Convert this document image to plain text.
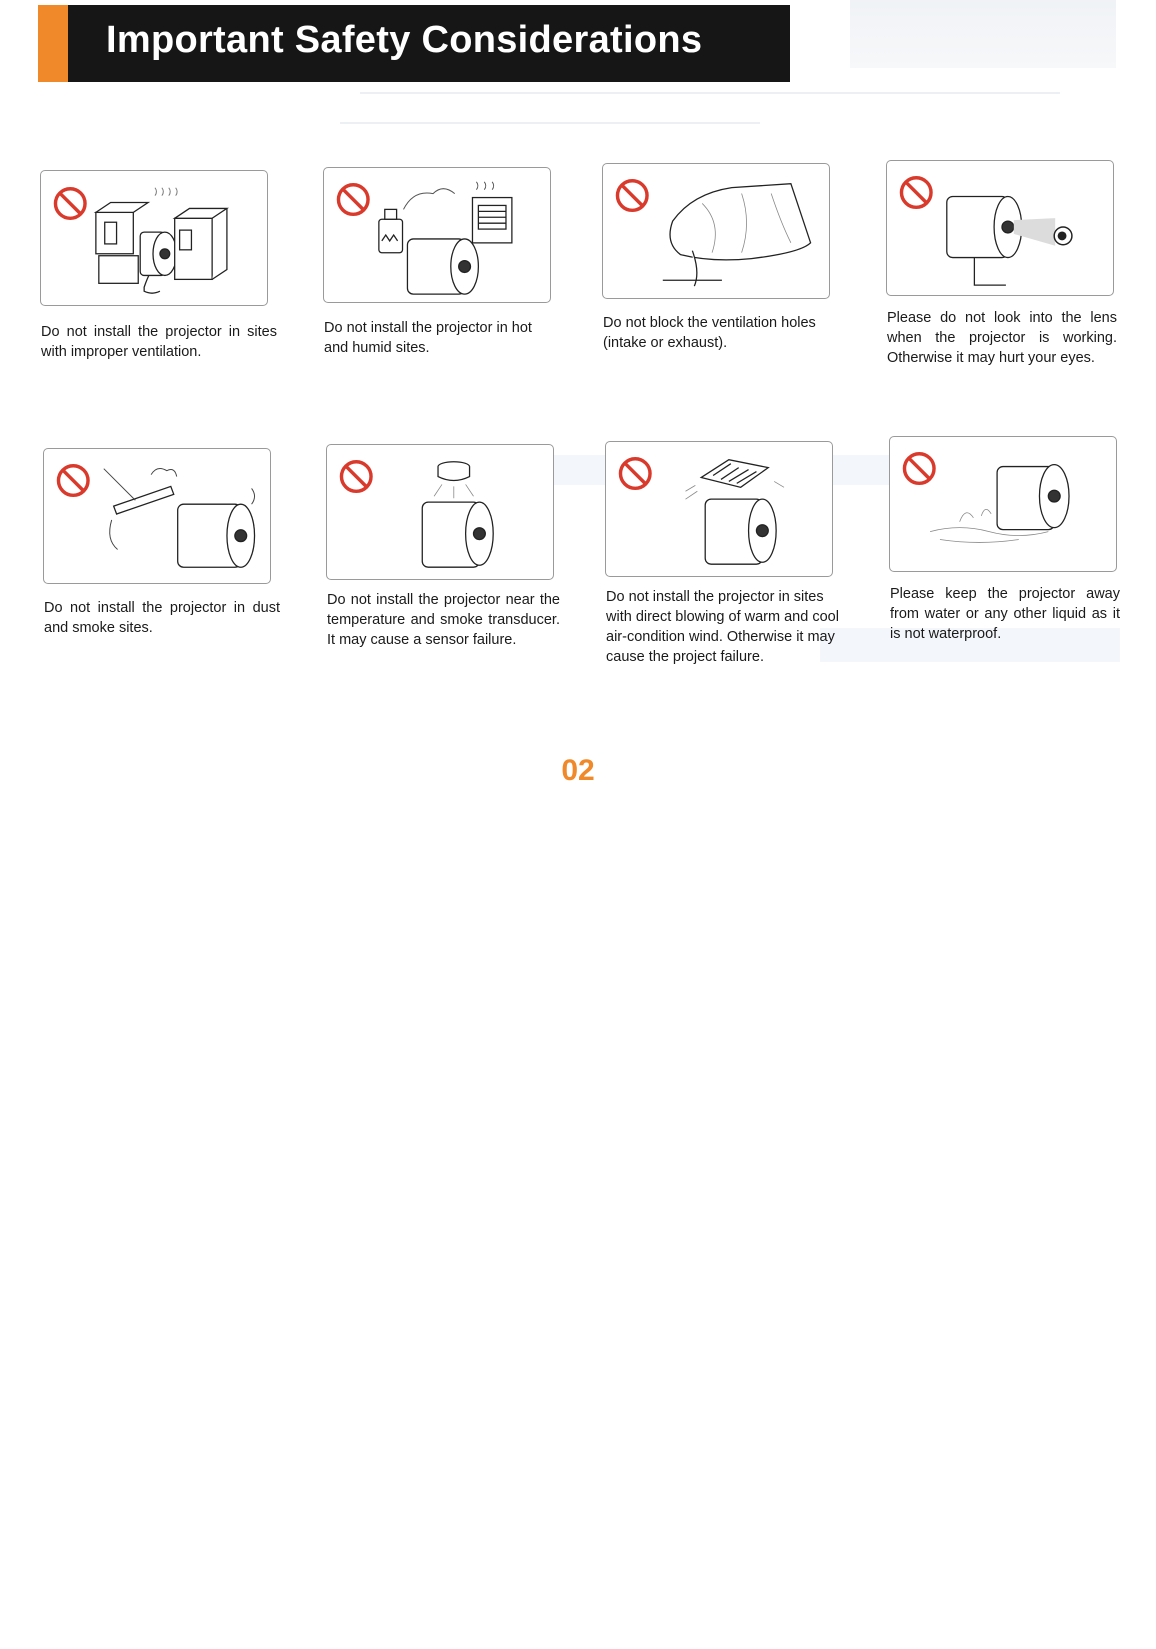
Important Safety Considerations
Do not install the projector in sites with improper ventilation.
Do not install the projector in hot and humid sites.
Do not block the ventilation holes (intake or exhaust).
Please do not look into the lens when the projector is working. Otherwise it may hurt your eyes.
Do not install the projector in dust and smoke sites.
Do not install the projector near the temperature and smoke transducer. It may cause a sensor failure.
Do not install the projector in sites with direct blowing of warm and cool air-condition wind. Otherwise it may cause the project failure.
Please keep the projector away from water or any other liquid as it is not waterproof.
02
